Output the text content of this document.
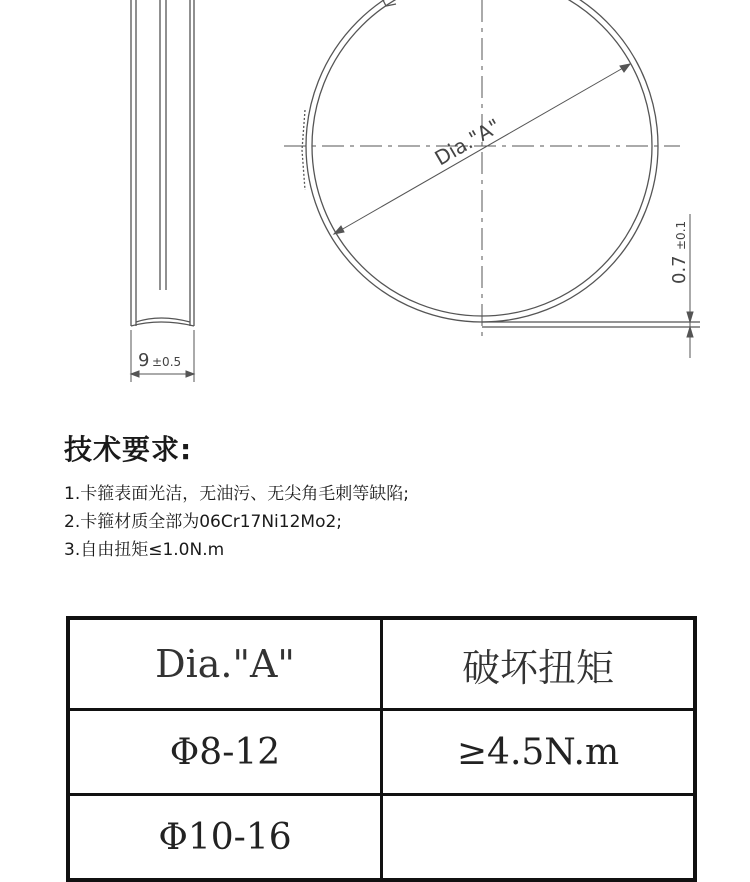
9 ±0.5
Dia."A"
0.7
±0.1

技术要求:

1.卡箍表面光洁，无油污、无尖角毛刺等缺陷;

2.卡箍材质全部为06Cr17Ni12Mo2;

3.自由扭矩≤1.0N.m

Dia."A"	破坏扭矩
Φ8-12	≥4.5N.m
Φ10-16	
